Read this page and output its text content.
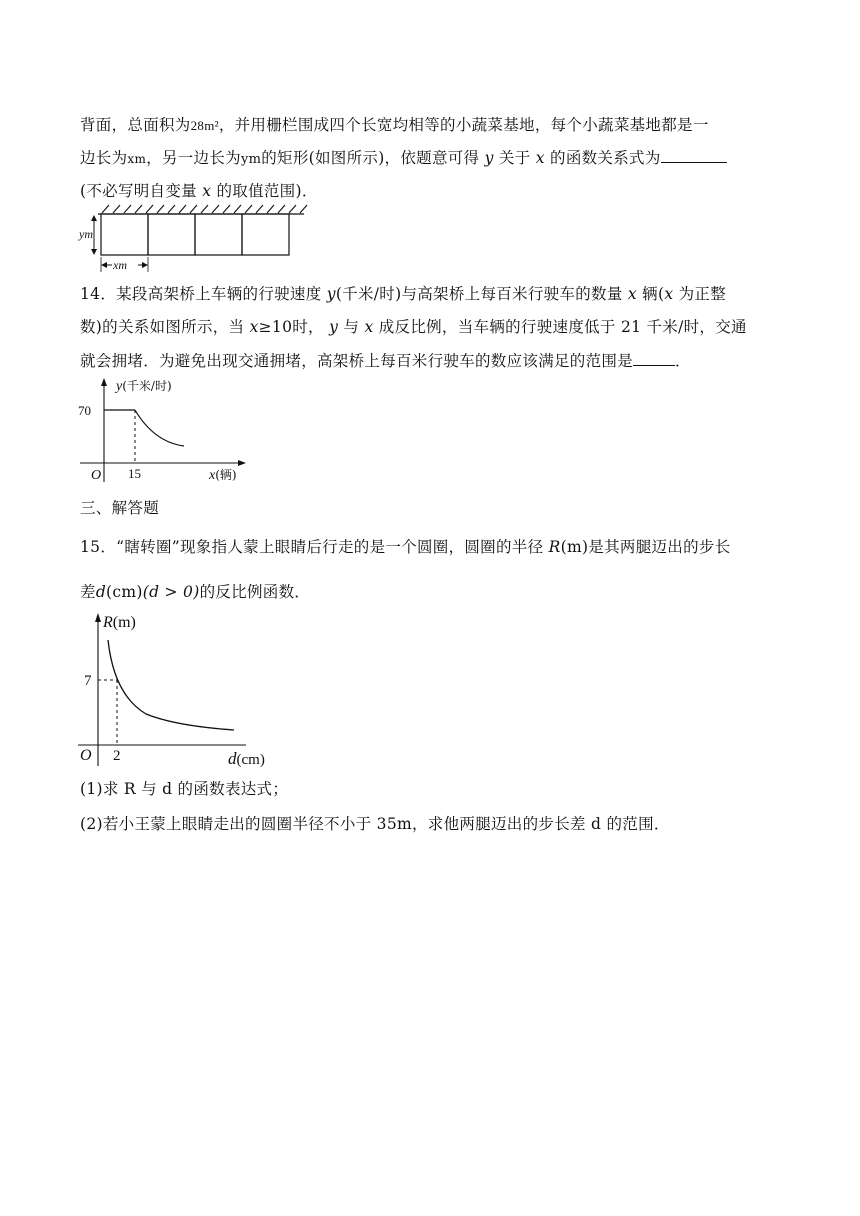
背面，总面积为28m²，并用栅栏围成四个长宽均相等的小蔬菜基地，每个小蔬菜基地都是一
边长为xm，另一边长为ym的矩形(如图所示)，依题意可得 y 关于 x 的函数关系式为
(不必写明自变量 x 的取值范围)．
ym
xm
14．某段高架桥上车辆的行驶速度 y(千米/时)与高架桥上每百米行驶车的数量 x 辆(x 为正整
数)的关系如图所示，当 x≥10时， y 与 x 成反比例，当车辆的行驶速度低于 21 千米/时，交通
就会拥堵．为避免出现交通拥堵，高架桥上每百米行驶车的数应该满足的范围是	．
y(千米/时)
70
O 15	x(辆)
三、解答题
15．“瞎转圈”现象指人蒙上眼睛后行走的是一个圆圈，圆圈的半径 R(m)是其两腿迈出的步长
差d(cm)(d > 0)的反比例函数．
R(m)
7
O 2	d(cm)
(1)求 R 与 d 的函数表达式；
(2)若小王蒙上眼睛走出的圆圈半径不小于 35m，求他两腿迈出的步长差 d 的范围．
